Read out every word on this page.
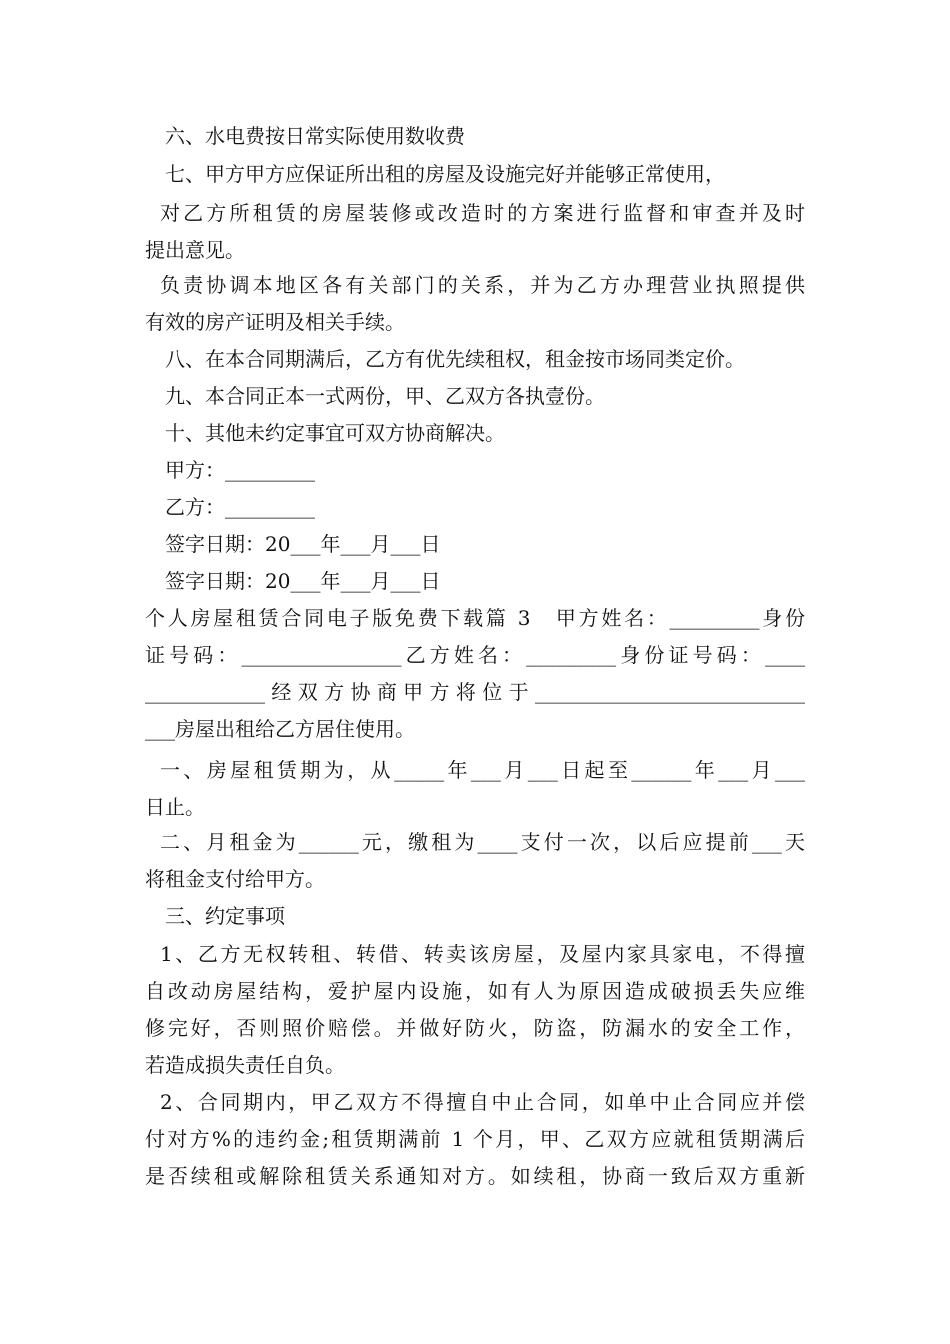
六、水电费按日常实际使用数收费
七、甲方甲方应保证所出租的房屋及设施完好并能够正常使用，
对乙方所租赁的房屋装修或改造时的方案进行监督和审查并及时
提出意见。
负责协调本地区各有关部门的关系，并为乙方办理营业执照提供
有效的房产证明及相关手续。
八、在本合同期满后，乙方有优先续租权，租金按市场同类定价。
九、本合同正本一式两份，甲、乙双方各执壹份。
十、其他未约定事宜可双方协商解决。
甲方：_________
乙方：_________
签字日期：20___年___月___日
签字日期：20___年___月___日
个人房屋租赁合同电子版免费下载篇 3　甲方姓名：_________身份
证号码：________________乙方姓名：_________身份证号码：____
____________经双方协商甲方将位于___________________________
___房屋出租给乙方居住使用。
一、房屋租赁期为，从_____年___月___日起至______年___月___
日止。
二、月租金为______元，缴租为____支付一次，以后应提前___天
将租金支付给甲方。
三、约定事项
1、乙方无权转租、转借、转卖该房屋，及屋内家具家电，不得擅
自改动房屋结构，爱护屋内设施，如有人为原因造成破损丢失应维
修完好，否则照价赔偿。并做好防火，防盗，防漏水的安全工作，
若造成损失责任自负。
2、合同期内，甲乙双方不得擅自中止合同，如单中止合同应并偿
付对方%的违约金;租赁期满前 1 个月，甲、乙双方应就租赁期满后
是否续租或解除租赁关系通知对方。如续租，协商一致后双方重新
